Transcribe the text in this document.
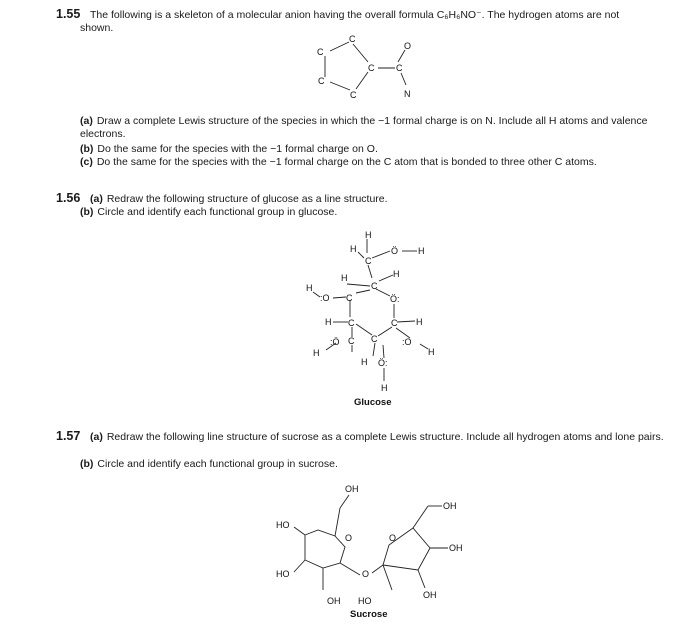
1.55 The following is a skeleton of a molecular anion having the overall formula C₆H₆NO⁻. The hydrogen atoms are not
shown.
C
C
C C
C
C
O
N
(a) Draw a complete Lewis structure of the species in which the −1 formal charge is on N. Include all H atoms and valence electrons.
(b) Do the same for the species with the −1 formal charge on O.
(c) Do the same for the species with the −1 formal charge on the C atom that is bonded to three other C atoms.
1.56 (a) Redraw the following structure of glucose as a line structure.
(b) Circle and identify each functional group in glucose.
H
H
C
Ö H
H	H
C
:O C	Ö:
H
C	C
H
:Ö
H
:O
C
C
H
H Ö:
H
H
Glucose
1.57 (a) Redraw the following line structure of sucrose as a complete Lewis structure. Include all hydrogen atoms and lone pairs.
(b) Circle and identify each functional group in sucrose.
OH
OH
HO
O	O
OH
HO	O
OH
OH HO
Sucrose
